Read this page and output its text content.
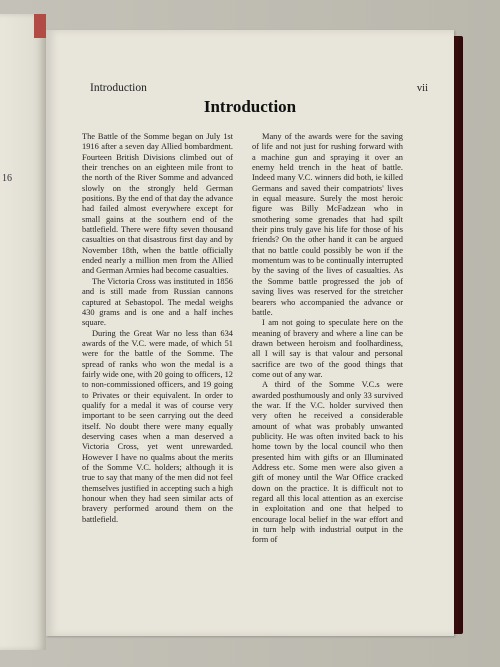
16
Introduction	vii
Introduction

The Battle of the Somme began on July 1st 1916 after a seven day Allied bombardment. Fourteen British Divisions climbed out of their trenches on an eighteen mile front to the north of the River Somme and advanced slowly on the strongly held German positions. By the end of that day the advance had failed almost everywhere except for small gains at the southern end of the battlefield. There were fifty seven thousand casualties on that disastrous first day and by November 18th, when the battle officially ended nearly a million men from the Allied and German Armies had become casualties.

The Victoria Cross was instituted in 1856 and is still made from Russian cannons captured at Sebastopol. The medal weighs 430 grams and is one and a half inches square.

During the Great War no less than 634 awards of the V.C. were made, of which 51 were for the battle of the Somme. The spread of ranks who won the medal is a fairly wide one, with 20 going to officers, 12 to non-commissioned officers, and 19 going to Privates or their equivalent. In order to qualify for a medal it was of course very important to be seen carrying out the deed itself. No doubt there were many equally deserving cases when a man deserved a Victoria Cross, yet went unrewarded. However I have no qualms about the merits of the Somme V.C. holders; although it is true to say that many of the men did not feel themselves justified in accepting such a high honour when they had seen similar acts of bravery performed around them on the battlefield.

Many of the awards were for the saving of life and not just for rushing forward with a machine gun and spraying it over an enemy held trench in the heat of battle. Indeed many V.C. winners did both, ie killed Germans and saved their compatriots' lives in equal measure. Surely the most heroic figure was Billy McFadzean who in smothering some grenades that had spilt their pins truly gave his life for those of his friends? On the other hand it can be argued that no battle could possibly be won if the momentum was to be continually interrupted by the saving of the lives of casualties. As the Somme battle progressed the job of saving lives was reserved for the stretcher bearers who accompanied the advance or battle.

I am not going to speculate here on the meaning of bravery and where a line can be drawn between heroism and foolhardiness, all I will say is that valour and personal sacrifice are two of the good things that come out of any war.

A third of the Somme V.C.s were awarded posthumously and only 33 survived the war. If the V.C. holder survived then very often he received a considerable amount of what was probably unwanted publicity. He was often invited back to his home town by the local council who then presented him with gifts or an Illuminated Address etc. Some men were also given a gift of money until the War Office cracked down on the practice. It is difficult not to regard all this local attention as an exercise in exploitation and one that helped to encourage local belief in the war effort and in turn help with industrial output in the form of
